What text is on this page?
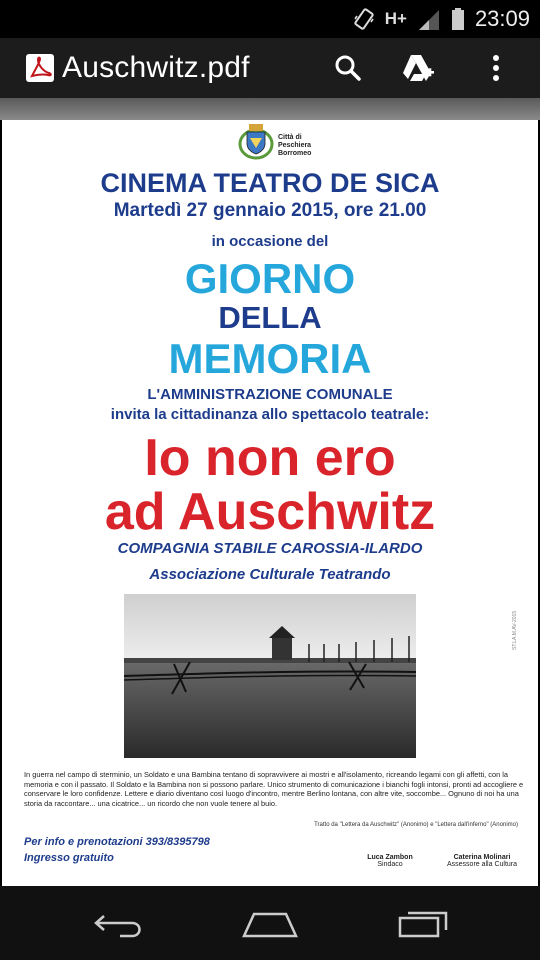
H+	23:09
Auschwitz.pdf
Città di
Peschiera
Borromeo
CINEMA TEATRO DE SICA
Martedì 27 gennaio 2015, ore 21.00
in occasione del
GIORNO
DELLA
MEMORIA
L'AMMINISTRAZIONE COMUNALE
invita la cittadinanza allo spettacolo teatrale:
Io non ero
ad Auschwitz
COMPAGNIA STABILE CAROSSIA-ILARDO
Associazione Culturale Teatrando
ST.LA.M.AV-2015
In guerra nel campo di sterminio, un Soldato e una Bambina tentano di sopravvivere ai mostri e all'isolamento, ricreando legami con gli affetti, con la memoria e con il passato. Il Soldato e la Bambina non si possono parlare. Unico strumento di comunicazione i bianchi fogli intonsi, pronti ad accogliere e conservare le loro confidenze. Lettere e diario diventano così luogo d'incontro, mentre Berlino lontana, con altre vite, soccombe... Ognuno di noi ha una storia da raccontare... una cicatrice... un ricordo che non vuole tenere al buio.
Tratto da "Lettera da Auschwitz" (Anonimo) e "Lettera dall'inferno" (Anonimo)
Per info e prenotazioni 393/8395798
Ingresso gratuito	Luca Zambon
Sindaco
Caterina Molinari
Assessore alla Cultura
